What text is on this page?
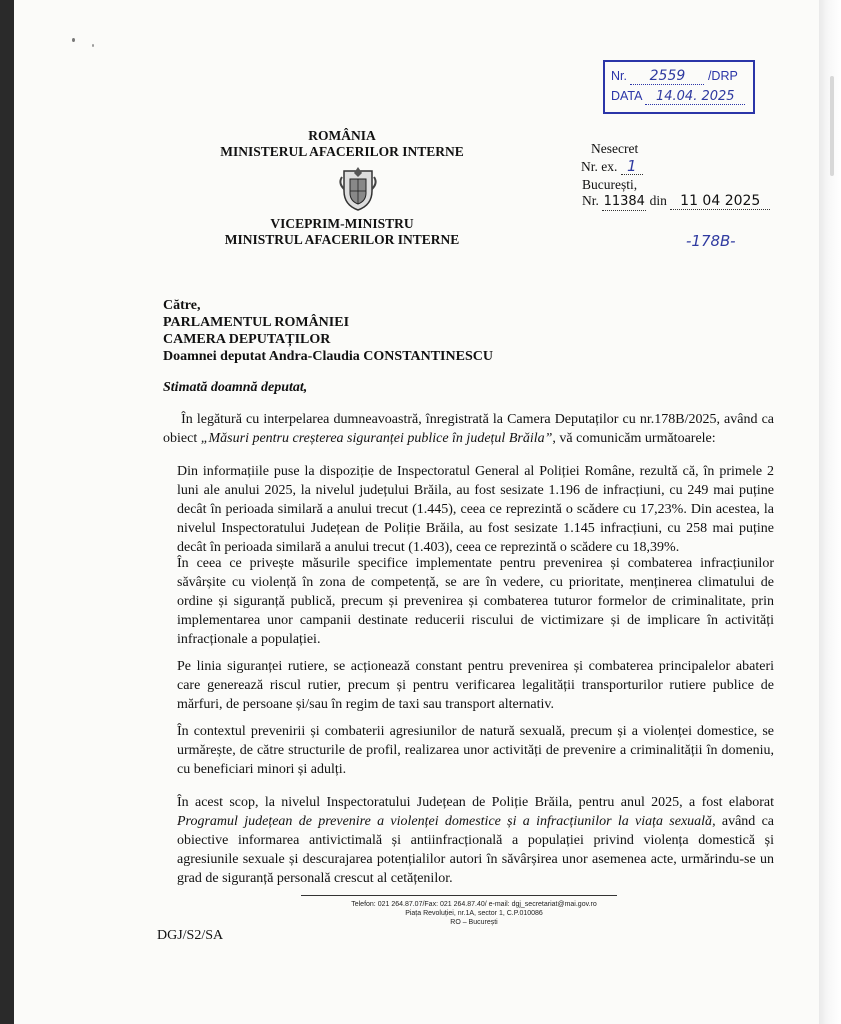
Nr. 2559 /DRP
DATA 14.04. 2025
ROMÂNIA
MINISTERUL AFACERILOR INTERNE
VICEPRIM-MINISTRU
MINISTRUL AFACERILOR INTERNE
Nesecret
Nr. ex. 1
București,
Nr. 11384 din 11 04 2025
-178B-
Către,
PARLAMENTUL ROMÂNIEI
CAMERA DEPUTAȚILOR
Doamnei deputat Andra-Claudia CONSTANTINESCU
Stimată doamnă deputat,
  În legătură cu interpelarea dumneavoastră, înregistrată la Camera Deputaților cu nr.178B/2025, având ca obiect „Măsuri pentru creșterea siguranței publice în județul Brăila”, vă comunicăm următoarele:
Din informațiile puse la dispoziție de Inspectoratul General al Poliției Române, rezultă că, în primele 2 luni ale anului 2025, la nivelul județului Brăila, au fost sesizate 1.196 de infracțiuni, cu 249 mai puține decât în perioada similară a anului trecut (1.445), ceea ce reprezintă o scădere cu 17,23%. Din acestea, la nivelul Inspectoratului Județean de Poliție Brăila, au fost sesizate 1.145 infracțiuni, cu 258 mai puține decât în perioada similară a anului trecut (1.403), ceea ce reprezintă o scădere cu 18,39%.
În ceea ce privește măsurile specifice implementate pentru prevenirea și combaterea infracțiunilor săvârșite cu violență în zona de competență, se are în vedere, cu prioritate, menținerea climatului de ordine și siguranță publică, precum și prevenirea și combaterea tuturor formelor de criminalitate, prin implementarea unor campanii destinate reducerii riscului de victimizare și de implicare în activități infracționale a populației.
Pe linia siguranței rutiere, se acționează constant pentru prevenirea și combaterea principalelor abateri care generează riscul rutier, precum și pentru verificarea legalității transporturilor rutiere publice de mărfuri, de persoane și/sau în regim de taxi sau transport alternativ.
În contextul prevenirii și combaterii agresiunilor de natură sexuală, precum și a violenței domestice, se urmărește, de către structurile de profil, realizarea unor activități de prevenire a criminalității în domeniu, cu beneficiari minori și adulți.
În acest scop, la nivelul Inspectoratului Județean de Poliție Brăila, pentru anul 2025, a fost elaborat Programul județean de prevenire a violenței domestice și a infracțiunilor la viața sexuală, având ca obiective informarea antivictimală și antiinfracțională a populației privind violența domestică și agresiunile sexuale și descurajarea potențialilor autori în săvârșirea unor asemenea acte, urmărindu-se un grad de siguranță personală crescut al cetățenilor.
Telefon: 021 264.87.07/Fax: 021 264.87.40/ e-mail: dgj_secretariat@mai.gov.ro
Piața Revoluției, nr.1A, sector 1, C.P.010086
RO – București
DGJ/S2/SA
